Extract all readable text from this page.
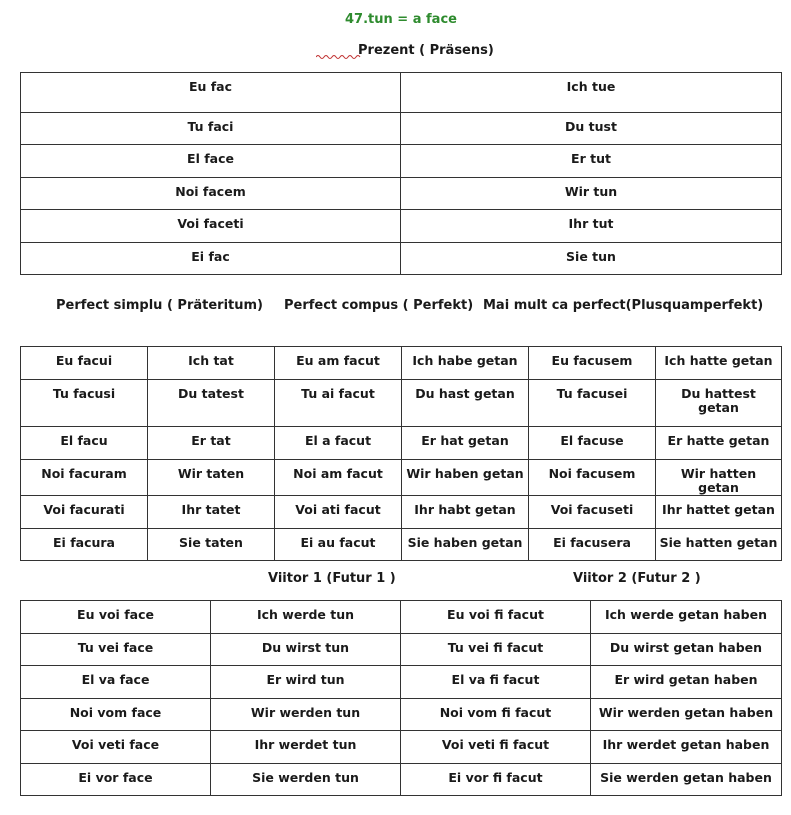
47.tun = a face
Prezent ( Präsens)
Eu fac	Ich tue
Tu faci	Du tust
El face	Er tut
Noi facem	Wir tun
Voi faceti	Ihr tut
Ei fac	Sie tun
Perfect simplu ( Präteritum) Perfect compus ( Perfekt) Mai mult ca perfect(Plusquamperfekt)
Eu facui	Ich tat	Eu am facut	Ich habe getan	Eu facusem	Ich hatte getan
Tu facusi	Du tatest	Tu ai facut	Du hast getan	Tu facusei	Du hattest getan
El facu	Er tat	El a facut	Er hat getan	El facuse	Er hatte getan
Noi facuram	Wir taten	Noi am facut	Wir haben getan	Noi facusem	Wir hatten getan
Voi facurati	Ihr tatet	Voi ati facut	Ihr habt getan	Voi facuseti	Ihr hattet getan
Ei facura	Sie taten	Ei au facut	Sie haben getan	Ei facusera	Sie hatten getan
Viitor 1 (Futur 1 )	Viitor 2 (Futur 2 )
Eu voi face	Ich werde tun	Eu voi fi facut	Ich werde getan haben
Tu vei face	Du wirst tun	Tu vei fi facut	Du wirst getan haben
El va face	Er wird tun	El va fi facut	Er wird getan haben
Noi vom face	Wir werden tun	Noi vom fi facut	Wir werden getan haben
Voi veti face	Ihr werdet tun	Voi veti fi facut	Ihr werdet getan haben
Ei vor face	Sie werden tun	Ei vor fi facut	Sie werden getan haben
